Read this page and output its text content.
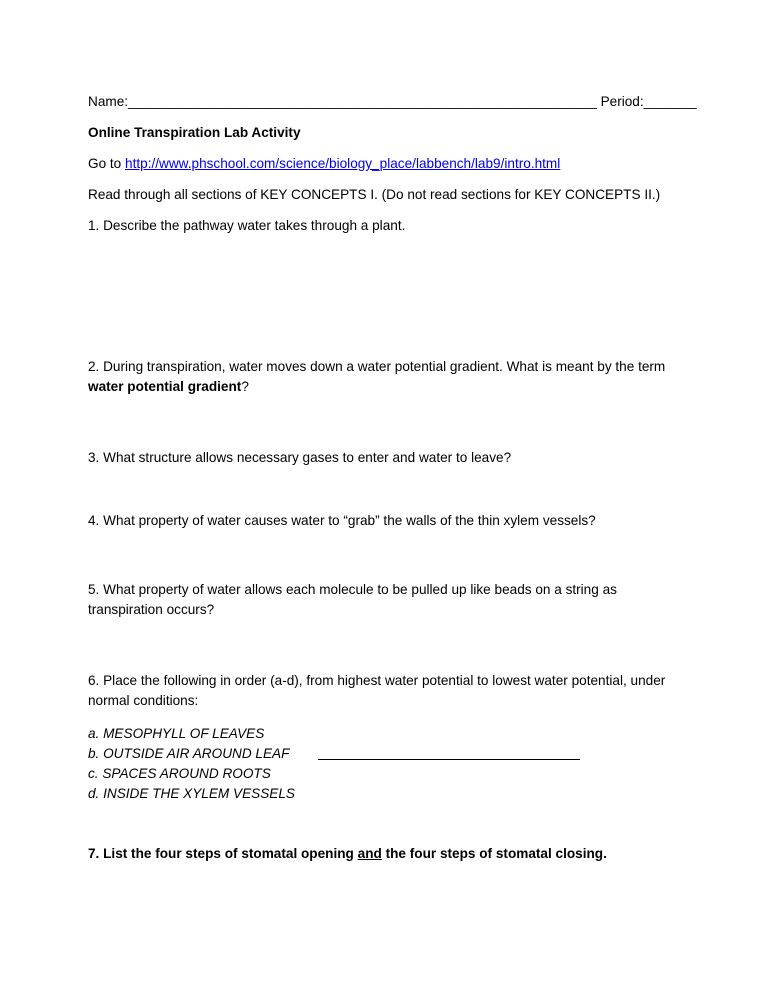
Name:______________________________________________________________ Period:_______
Online Transpiration Lab Activity
Go to http://www.phschool.com/science/biology_place/labbench/lab9/intro.html
Read through all sections of KEY CONCEPTS I. (Do not read sections for KEY CONCEPTS II.)
1. Describe the pathway water takes through a plant.
2. During transpiration, water moves down a water potential gradient. What is meant by the term water potential gradient?
3. What structure allows necessary gases to enter and water to leave?
4. What property of water causes water to “grab” the walls of the thin xylem vessels?
5. What property of water allows each molecule to be pulled up like beads on a string as transpiration occurs?
6. Place the following in order (a-d), from highest water potential to lowest water potential, under normal conditions:
a. MESOPHYLL OF LEAVES
b. OUTSIDE AIR AROUND LEAF
c. SPACES AROUND ROOTS
d. INSIDE THE XYLEM VESSELS
7. List the four steps of stomatal opening and the four steps of stomatal closing.
